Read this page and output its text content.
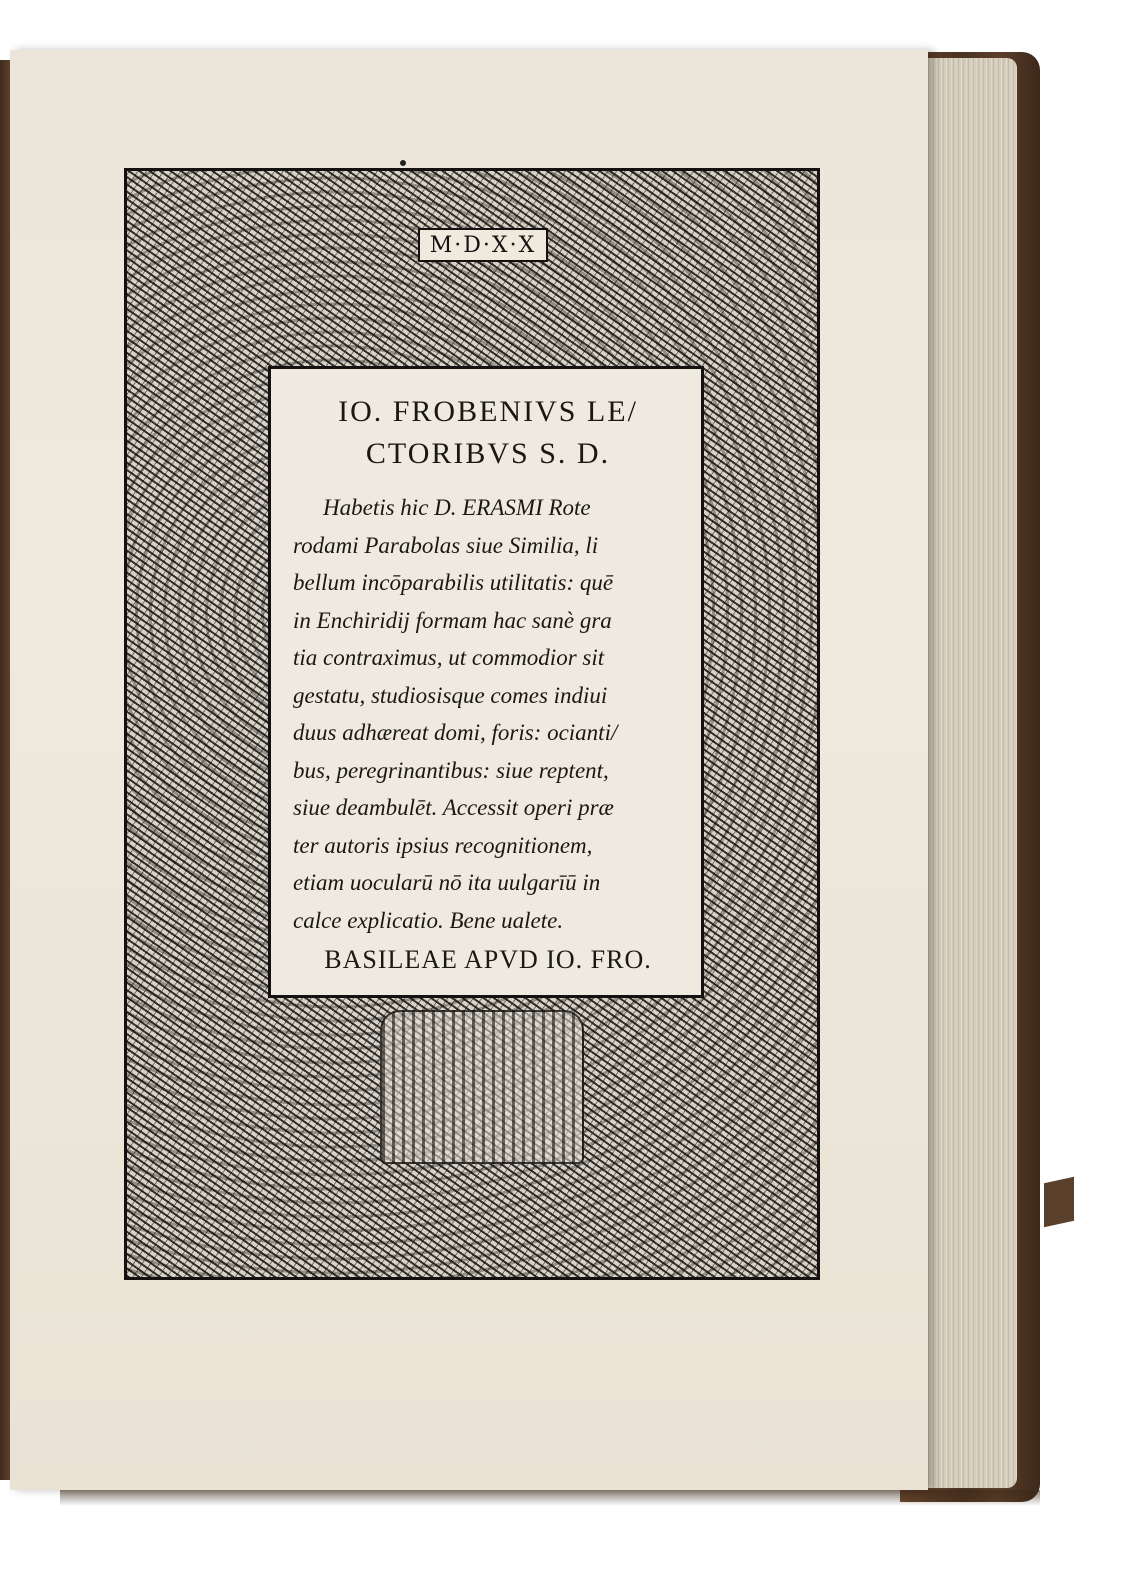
M·D·X·X

IO. FROBENIVS LE/
CTORIBVS S. D.

Habetis hic D. ERASMI Rote
rodami Parabolas siue Similia, li
bellum incōparabilis utilitatis: quē
in Enchiridij formam hac sanè gra
tia contraximus, ut commodior sit
gestatu, studiosisque comes indiui
duus adhæreat domi, foris: ocianti/
bus, peregrinantibus: siue reptent,
siue deambulēt. Accessit operi præ
ter autoris ipsius recognitionem,
etiam uocularū nō ita uulgarīū in
calce explicatio. Bene ualete.
BASILEAE APVD IO. FRO.
